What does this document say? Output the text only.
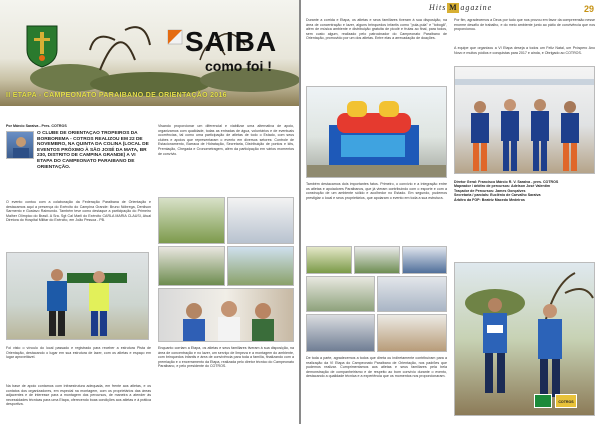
SAIBA
como foi !
II ETAPA - CAMPEONATO PARAIBANO DE ORIENTAÇÃO 2016
Por Márcio Saraiva - Pres. COTROS
O CLUBE DE ORIENTAÇÃO TROPEIROS DA BORBOREMA - COTROS REALIZOU EM 22 DE NOVEMBRO, NA QUINTA DA COLINA (LOCAL DE EVENTOS PRÓXIMO À SÃO JOSÉ DA MATA, BR 230, DISTRITO DE CAMPINA GRANDE) A VI ETAPA DO CAMPEONATO PARAIBANO DE ORIENTAÇÃO.
O evento contou com a colaboração da Federação Paraibana de Orientação e destacamos aqui a presença do Exército do Campina Grande: Bruno Nóbrega, Denilson Sarmento e Gustavo Raimundo. Também teve como destaque a participação do Primeiro Malher Olímpico do Brasil. A Sra. Sgt Cal Marli do Exército CARLA MARIA CLAUSI, Atual Diretora do Hospital Militar do Exército, em João Pessoa - PB.
Foi visto o vínculo do local passado e registrado para receber a estrutura Pista de Orientação, destacando o lugar em sua estrutura de lazer, com os atletas e espaço em lugar aproveitável.
Na base de apoio contamos com infraestrutura adequada, em frente aos atletas, e os contatos dos organizadores, em especial na montagem, com os proprietários das áreas adjacentes e de interesse para a montagem dos percursos, de maneira a atender às necessidades técnicas para uma Etapa, oferecendo boas condições aos atletas e à prática desportiva.
Visando proporcionar um diferencial e viabilizar uma alternativa de apoio, organizamos com qualidade, todas as entradas de água, voluntários e de eventuais ocorrências, tal como uma participação de atletas de todo o Estado, com seus clubes e apoios que representaram o evento em diversos setores: Controle de Estacionamento, Barraca de Hidratação, Secretaria, Distribuição de pontos e kits, Premiação, Chegada e Cronometragem, além da participação em vários momentos de convívio.
Enquanto corriam a Etapa, os atletas e seus familiares tiveram à sua disposição, na área de concentração e no lazer, um serviço de limpeza e a montagem do ambiente, com brinquedos infantis e área de convivência para toda a família, finalizando com a premiação e o encerramento da Etapa, realizada pelo diretor técnico do Campeonato Paraibano, e pelo presidente do COTROS.
Hits M agazine	29
Durante a corrida e Etapa, os atletas e seus familiares tiveram à sua disposição, na área de concentração e lazer, alguns brinquedos infantis como "pula-pula" e "tobogã", além de música ambiente e distribuição gratuita de picolé e frutas ao final, para todos, sem custo algum, realizado pelo patrocinador do Campeonato Paraibano de Orientação, promovido por um dos atletas. Entre elas a arrecadação de doações.
Também destacamos dois importantes fatos. Primeiro, o convívio e a integração entre os atletas e apoiadores Paraibanos, que já vieram contribuindo com o esporte e com a construção de um ambiente sólido e acolhedor no Estado. Em segundo, pudemos prestigiar o local e seus proprietários, que apoiaram o evento em toda a sua estrutura.
De toda a parte, agradecemos a todos que direta ou indiretamente contribuíram para a realização da VI Etapa do Campeonato Paraibano de Orientação, nos padrões que pudemos realizar. Cumprimentamos aos atletas e seus familiares pela bela demonstração de companheirismo e de respeito ao bom convívio durante o evento, destacando a qualidade técnica e a experiência que os momentos nos proporcionaram.
Por fim, agradecemos a Deus por tudo que nos provou em favor da compreensão nesse enorme desafio de trabalho, e do meio ambiente junto ao pátio de convivência que nos proporcionou.
A equipe que organizou a VI Etapa deseja a todos um Feliz Natal, um Próspero Ano Novo e muitos pódios e conquistas para 2017 e ainda, e Obrigado ao COTROS.
Diretor Geral: Francisco Márcio R. V. Saraiva - pres. COTROS
Mapeador / árbitro de percursos: Adelson José Valentim
Traçador de Percursos: James Gonçalves
Secretaria / parcials: Euclênio de Carvalho Saraiva
Árbitro da FOP: Beatriz Macedo Medeiros
COTROS
